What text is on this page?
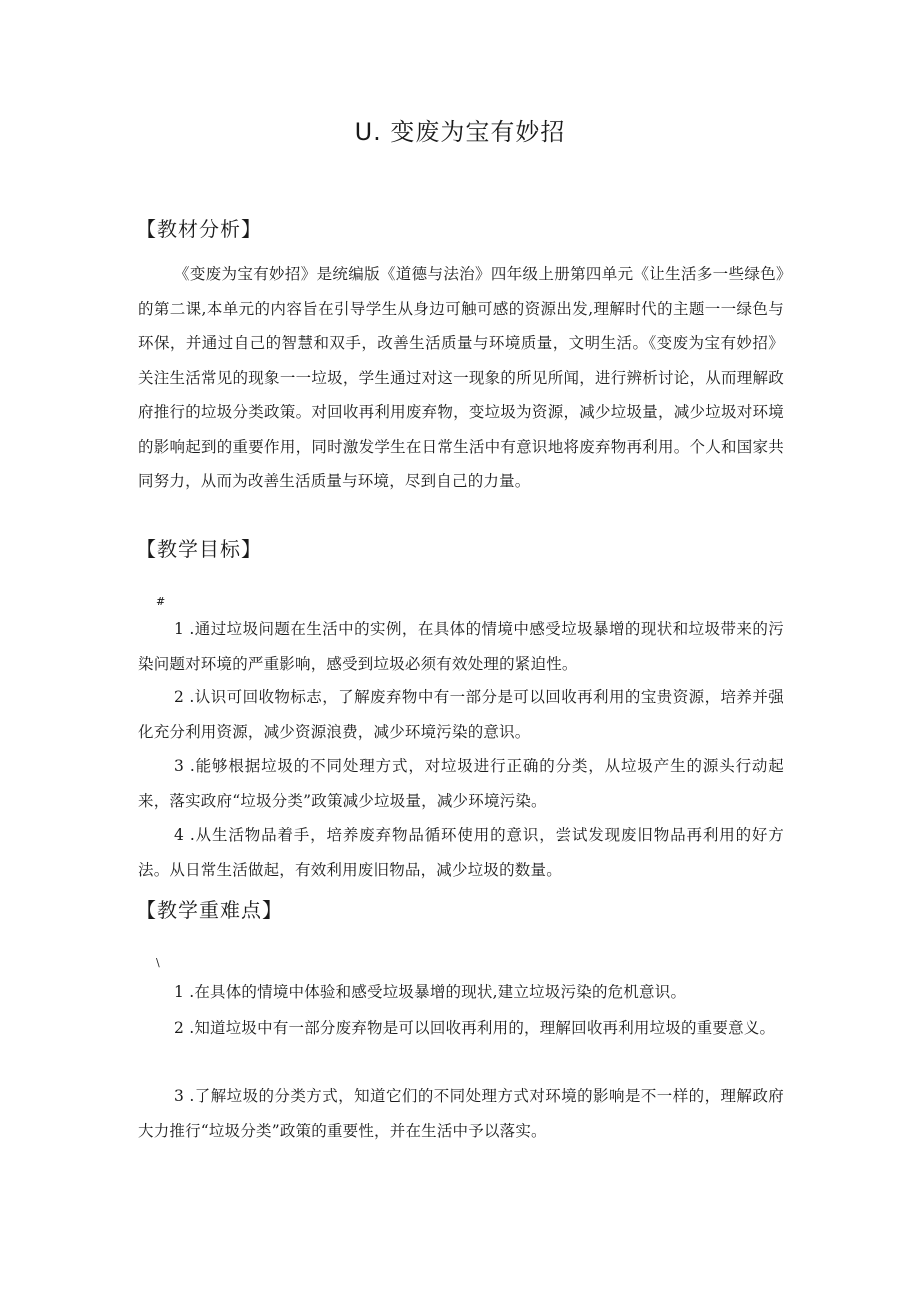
U. 变废为宝有妙招
【教材分析】

《变废为宝有妙招》是统编版《道德与法治》四年级上册第四单元《让生活多一些绿色》的第二课,本单元的内容旨在引导学生从身边可触可感的资源出发,理解时代的主题一一绿色与环保，并通过自己的智慧和双手，改善生活质量与环境质量，文明生活。《变废为宝有妙招》关注生活常见的现象一一垃圾，学生通过对这一现象的所见所闻，进行辨析讨论，从而理解政府推行的垃圾分类政策。对回收再利用废弃物，变垃圾为资源，减少垃圾量，减少垃圾对环境的影响起到的重要作用，同时激发学生在日常生活中有意识地将废弃物再利用。个人和国家共同努力，从而为改善生活质量与环境，尽到自己的力量。

【教学目标】

#

1 .通过垃圾问题在生活中的实例，在具体的情境中感受垃圾暴增的现状和垃圾带来的污染问题对环境的严重影响，感受到垃圾必须有效处理的紧迫性。

2 .认识可回收物标志，了解废弃物中有一部分是可以回收再利用的宝贵资源，培养并强化充分利用资源，减少资源浪费，减少环境污染的意识。

3 .能够根据垃圾的不同处理方式，对垃圾进行正确的分类，从垃圾产生的源头行动起来，落实政府“垃圾分类”政策减少垃圾量，减少环境污染。

4 .从生活物品着手，培养废弃物品循环使用的意识，尝试发现废旧物品再利用的好方法。从日常生活做起，有效利用废旧物品，减少垃圾的数量。

【教学重难点】

\

1 .在具体的情境中体验和感受垃圾暴增的现状,建立垃圾污染的危机意识。

2 .知道垃圾中有一部分废弃物是可以回收再利用的，理解回收再利用垃圾的重要意义。

3 .了解垃圾的分类方式，知道它们的不同处理方式对环境的影响是不一样的，理解政府大力推行“垃圾分类”政策的重要性，并在生活中予以落实。
